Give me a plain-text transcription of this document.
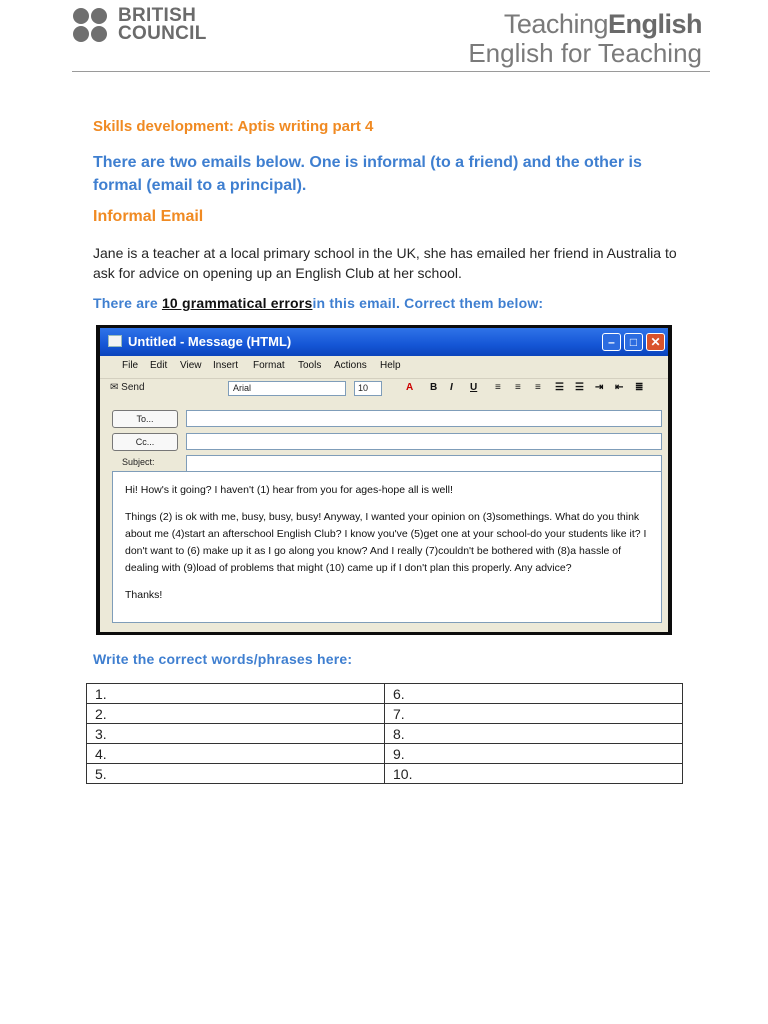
BRITISH
COUNCIL	TeachingEnglish
English for Teaching
Skills development: Aptis writing part 4
There are two emails below. One is informal (to a friend) and the other is formal (email to a principal).
Informal Email
Jane is a teacher at a local primary school in the UK, she has emailed her friend in Australia to ask for advice on opening up an English Club at her school.
There are 10 grammatical errorsin this email. Correct them below:
Untitled - Message (HTML)	–	□	✕
File Edit View Insert Format Tools Actions Help
✉ Send	Arial	10	A B I U ≡ ≡ ≡ ☰ ☰ ⇥ ⇤ ≣
To...
Cc...
Subject:

Hi! How's it going? I haven't (1) hear from you for ages-hope all is well!

Things (2) is ok with me, busy, busy, busy! Anyway, I wanted your opinion on (3)somethings. What do you think about me (4)start an afterschool English Club? I know you've (5)get one at your school-do your students like it? I don't want to (6) make up it as I go along you know? And I really (7)couldn't be bothered with (8)a hassle of dealing with (9)load of problems that might (10) came up if I don't plan this properly. Any advice?

Thanks!

Write the correct words/phrases here:
1.	6.
2.	7.
3.	8.
4.	9.
5.	10.
